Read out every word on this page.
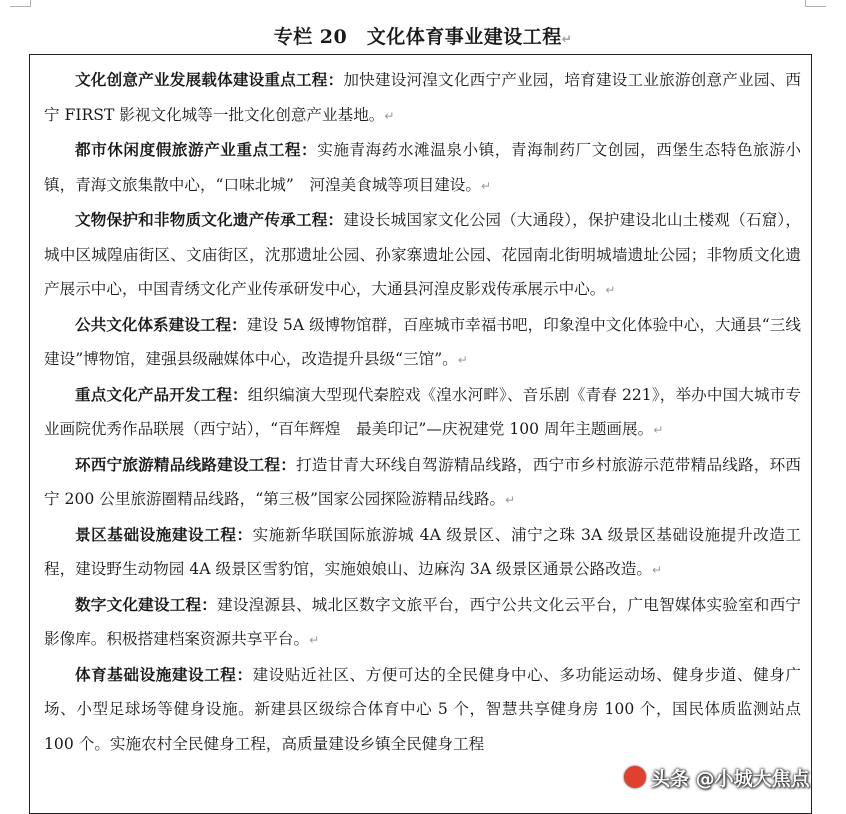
专栏 20　文化体育事业建设工程↵

文化创意产业发展载体建设重点工程：加快建设河湟文化西宁产业园，培育建设工业旅游创意产业园、西宁 FIRST 影视文化城等一批文化创意产业基地。↵

都市休闲度假旅游产业重点工程：实施青海药水滩温泉小镇，青海制药厂文创园，西堡生态特色旅游小镇，青海文旅集散中心，“口味北城”　河湟美食城等项目建设。↵

文物保护和非物质文化遗产传承工程：建设长城国家文化公园（大通段），保护建设北山土楼观（石窟），城中区城隍庙街区、文庙街区，沈那遗址公园、孙家寨遗址公园、花园南北街明城墙遗址公园；非物质文化遗产展示中心，中国青绣文化产业传承研发中心，大通县河湟皮影戏传承展示中心。↵

公共文化体系建设工程：建设 5A 级博物馆群，百座城市幸福书吧，印象湟中文化体验中心，大通县“三线建设”博物馆，建强县级融媒体中心，改造提升县级“三馆”。↵

重点文化产品开发工程：组织编演大型现代秦腔戏《湟水河畔》、音乐剧《青春 221》，举办中国大城市专业画院优秀作品联展（西宁站），“百年辉煌　最美印记”—庆祝建党 100 周年主题画展。↵

环西宁旅游精品线路建设工程：打造甘青大环线自驾游精品线路，西宁市乡村旅游示范带精品线路，环西宁 200 公里旅游圈精品线路，“第三极”国家公园探险游精品线路。↵

景区基础设施建设工程：实施新华联国际旅游城 4A 级景区、浦宁之珠 3A 级景区基础设施提升改造工程，建设野生动物园 4A 级景区雪豹馆，实施娘娘山、边麻沟 3A 级景区通景公路改造。↵

数字文化建设工程：建设湟源县、城北区数字文旅平台，西宁公共文化云平台，广电智媒体实验室和西宁影像库。积极搭建档案资源共享平台。↵

体育基础设施建设工程：建设贴近社区、方便可达的全民健身中心、多功能运动场、健身步道、健身广场、小型足球场等健身设施。新建县区级综合体育中心 5 个，智慧共享健身房 100 个，国民体质监测站点 100 个。实施农村全民健身工程，高质量建设乡镇全民健身工程

头条 @小城大焦点
